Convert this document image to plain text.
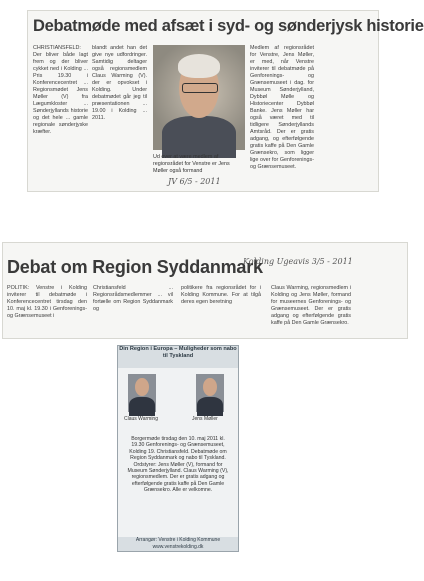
Debatmøde med afsæt i syd- og sønderjysk historie
CHRISTIANSFELD: Der bliver både lagt frem og der bliver cykket ned i Kolding ... Pris 19.30 i Konferencecentret ... Regionsmødet Jens Møller (V) fra Lægumkloster ... Sønderjyllands historie og det hele ... gamle regionale sønderjyske kræfter.
blandt andet han det give nye udfordringer. Samtidig deltager også regionsmedlem Claus Warming (V). der er opvokset i Kolding. Under debatmødet går jeg til præsentationen ... 19.00 i Kolding ... 2011.
Ud over at være medlem af regionsrådet for Venstre er Jens Møller også formand
Medlem af regionsrådet for Venstre, Jens Møller, er med, når Venstre inviterer til debatmøde på Genforenings- og Grænsemuseet i dag. for Museum Sønderjylland, Dybbøl Mølle og Historiecenter Dybbøl Banke. Jens Møller har også været med til tidligere Sønderjyllands Amtsråd. Der er gratis adgang, og efterfølgende gratis kaffe på Den Gamle Grænsekro, som ligger lige over for Genforenings- og Grænsemuseet.
JV 6/5 - 2011
Debat om Region Syddanmark
Kolding Ugeavis 3/5 - 2011
POLITIK: Venstre i Kolding inviterer til debatmøde i Konferencecentret tirsdag den 10. maj kl. 19.30 i Genforenings- og Grænsemuseet i
Christiansfeld ... Regionsrådsmedlemmer ... vil fortælle om Region Syddanmark og
politikere fra regionsrådet for i Kolding Kommune. For at tilgå deres egen beretning
Claus Warming, regionsmedlem i Kolding og Jens Møller, formand for museernes Genforenings- og Grænsemuseet. Der er gratis adgang og efterfølgende gratis kaffe på Den Gamle Grænsekro.
Din Region i Europa – Muligheder som nabo til Tyskland
Claus Warming	Jens Møller
Borgermøde tirsdag den 10. maj 2011 kl. 19.30 Genforenings- og Grænsemuseet, Kolding 19. Christiansfeld. Debatmøde om Region Syddanmark og nabo til Tyskland. Ordstyrer: Jens Møller (V), formand for Museum Sønderjylland. Claus Warming (V), regionsmedlem. Der er gratis adgang og efterfølgende gratis kaffe på Den Gamle Grænsekro. Alle er velkomne.
Arrangør: Venstre i Kolding Kommune www.venstrekolding.dk
